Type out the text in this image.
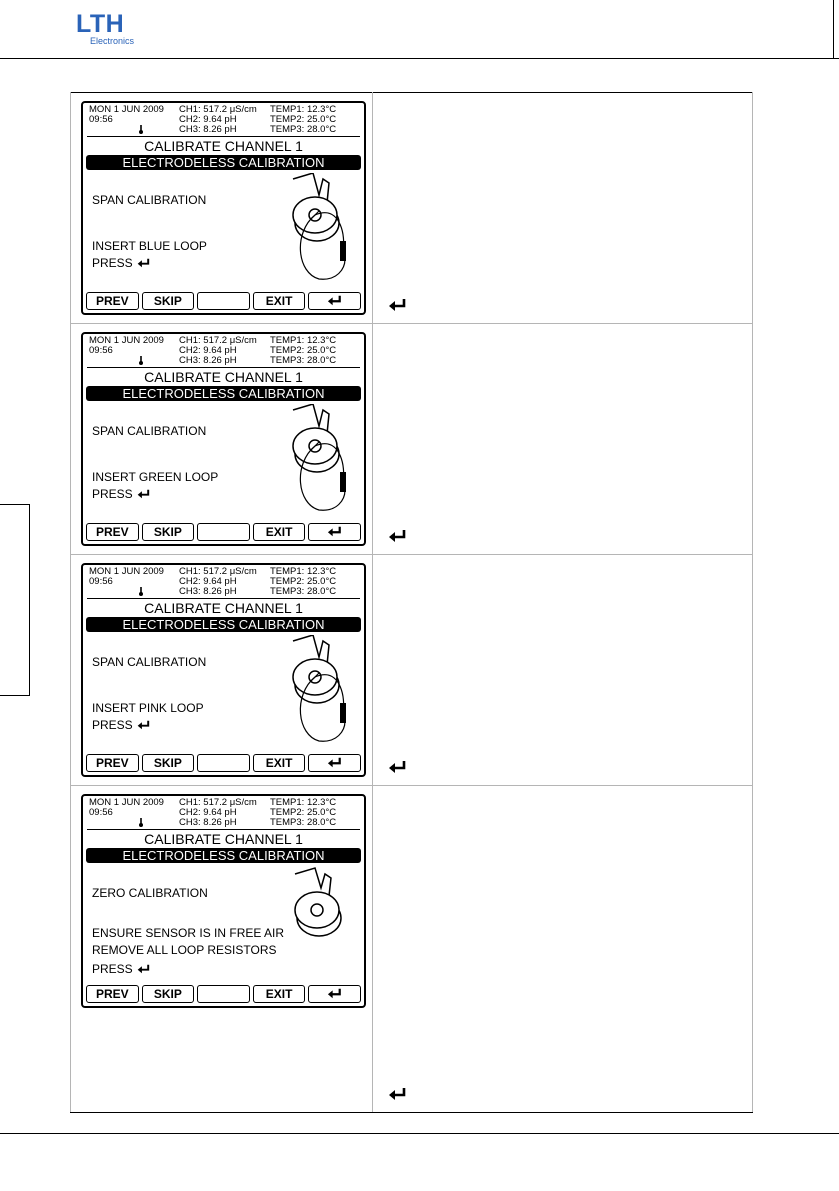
LTH
Electronics
MON 1 JUN 2009
09:56
CH1: 517.2 μS/cm
CH2: 9.64 pH
CH3: 8.26 pH
TEMP1: 12.3°C
TEMP2: 25.0°C
TEMP3: 28.0°C
CALIBRATE CHANNEL 1
ELECTRODELESS CALIBRATION
SPAN CALIBRATION
INSERT BLUE LOOP
PRESS
PREV	SKIP	EXIT
MON 1 JUN 2009
09:56
CH1: 517.2 μS/cm
CH2: 9.64 pH
CH3: 8.26 pH
TEMP1: 12.3°C
TEMP2: 25.0°C
TEMP3: 28.0°C
CALIBRATE CHANNEL 1
ELECTRODELESS CALIBRATION
SPAN CALIBRATION
INSERT GREEN LOOP
PRESS
PREV	SKIP	EXIT
MON 1 JUN 2009
09:56
CH1: 517.2 μS/cm
CH2: 9.64 pH
CH3: 8.26 pH
TEMP1: 12.3°C
TEMP2: 25.0°C
TEMP3: 28.0°C
CALIBRATE CHANNEL 1
ELECTRODELESS CALIBRATION
SPAN CALIBRATION
INSERT PINK LOOP
PRESS
PREV	SKIP	EXIT
MON 1 JUN 2009
09:56
CH1: 517.2 μS/cm
CH2: 9.64 pH
CH3: 8.26 pH
TEMP1: 12.3°C
TEMP2: 25.0°C
TEMP3: 28.0°C
CALIBRATE CHANNEL 1
ELECTRODELESS CALIBRATION
ZERO CALIBRATION
ENSURE SENSOR IS IN FREE AIR
REMOVE ALL LOOP RESISTORS
PRESS
PREV	SKIP	EXIT
